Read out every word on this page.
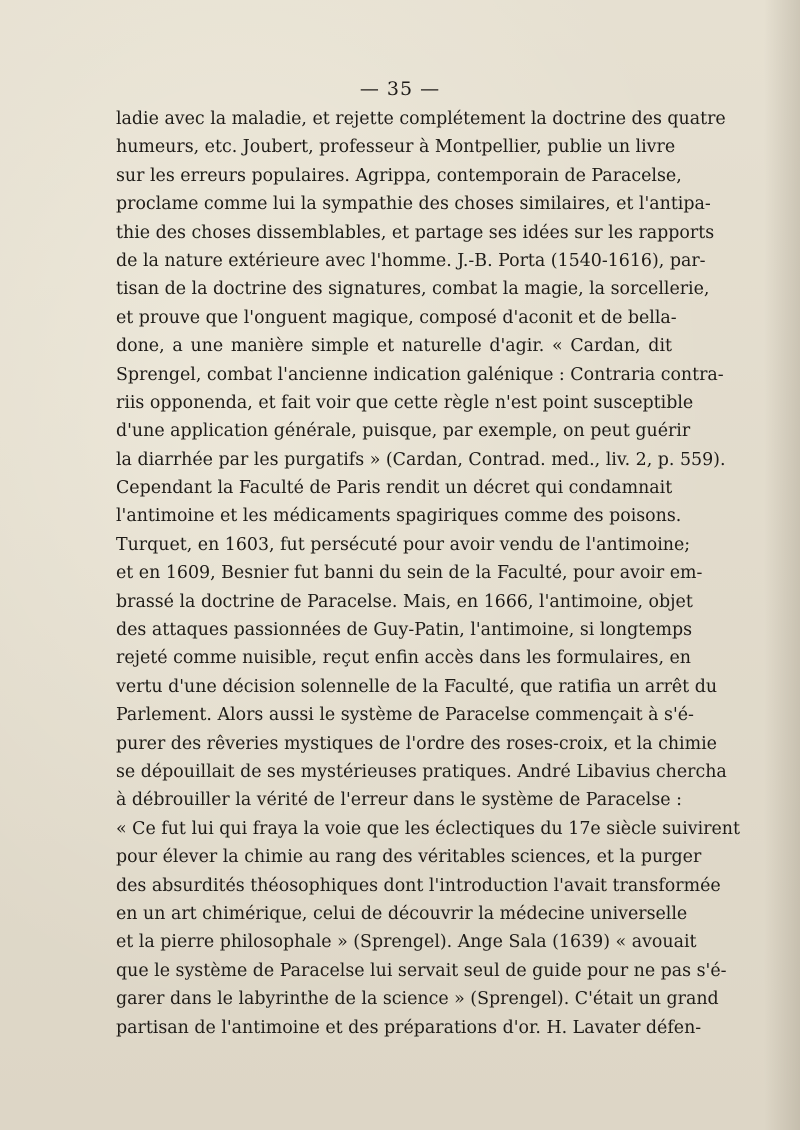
— 35 —
ladie avec la maladie, et rejette complétement la doctrine des quatre
humeurs, etc. Joubert, professeur à Montpellier, publie un livre
sur les erreurs populaires. Agrippa, contemporain de Paracelse,
proclame comme lui la sympathie des choses similaires, et l'antipa-
thie des choses dissemblables, et partage ses idées sur les rapports
de la nature extérieure avec l'homme. J.-B. Porta (1540-1616), par-
tisan de la doctrine des signatures, combat la magie, la sorcellerie,
et prouve que l'onguent magique, composé d'aconit et de bella-
done, a une manière simple et naturelle d'agir. « Cardan, dit
Sprengel, combat l'ancienne indication galénique : Contraria contra-
riis opponenda, et fait voir que cette règle n'est point susceptible
d'une application générale, puisque, par exemple, on peut guérir
la diarrhée par les purgatifs » (Cardan, Contrad. med., liv. 2, p. 559).
Cependant la Faculté de Paris rendit un décret qui condamnait
l'antimoine et les médicaments spagiriques comme des poisons.
Turquet, en 1603, fut persécuté pour avoir vendu de l'antimoine;
et en 1609, Besnier fut banni du sein de la Faculté, pour avoir em-
brassé la doctrine de Paracelse. Mais, en 1666, l'antimoine, objet
des attaques passionnées de Guy-Patin, l'antimoine, si longtemps
rejeté comme nuisible, reçut enfin accès dans les formulaires, en
vertu d'une décision solennelle de la Faculté, que ratifia un arrêt du
Parlement. Alors aussi le système de Paracelse commençait à s'é-
purer des rêveries mystiques de l'ordre des roses-croix, et la chimie
se dépouillait de ses mystérieuses pratiques. André Libavius chercha
à débrouiller la vérité de l'erreur dans le système de Paracelse :
« Ce fut lui qui fraya la voie que les éclectiques du 17e siècle suivirent
pour élever la chimie au rang des véritables sciences, et la purger
des absurdités théosophiques dont l'introduction l'avait transformée
en un art chimérique, celui de découvrir la médecine universelle
et la pierre philosophale » (Sprengel). Ange Sala (1639) « avouait
que le système de Paracelse lui servait seul de guide pour ne pas s'é-
garer dans le labyrinthe de la science » (Sprengel). C'était un grand
partisan de l'antimoine et des préparations d'or. H. Lavater défen-
